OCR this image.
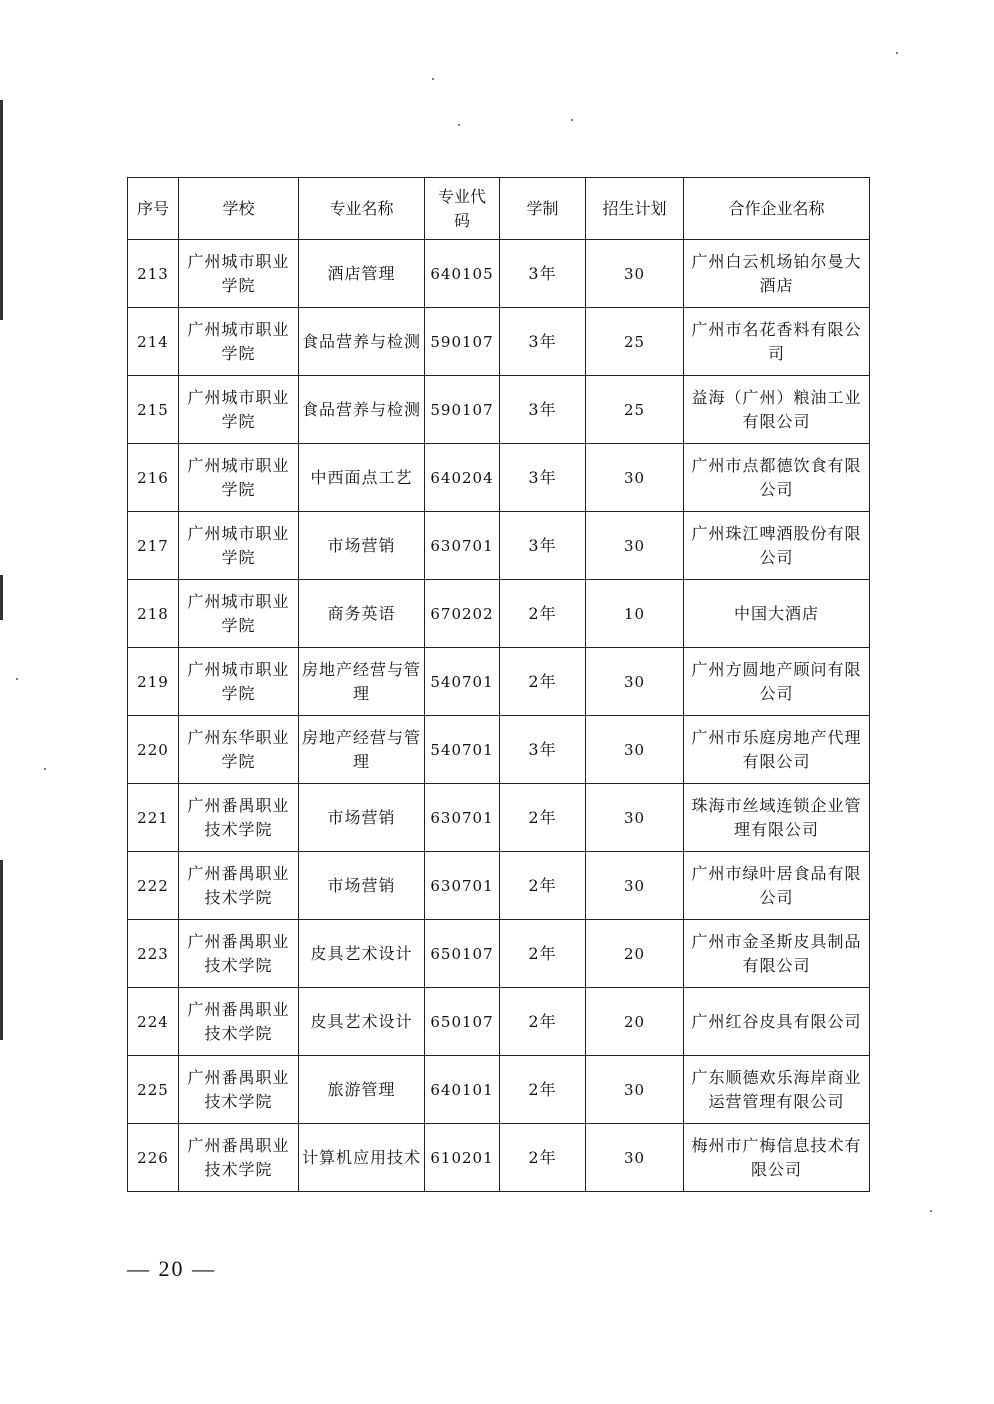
序号	学校	专业名称	专业代码	学制	招生计划	合作企业名称
213	广州城市职业学院	酒店管理	640105	3年	30	广州白云机场铂尔曼大酒店
214	广州城市职业学院	食品营养与检测	590107	3年	25	广州市名花香料有限公司
215	广州城市职业学院	食品营养与检测	590107	3年	25	益海（广州）粮油工业有限公司
216	广州城市职业学院	中西面点工艺	640204	3年	30	广州市点都德饮食有限公司
217	广州城市职业学院	市场营销	630701	3年	30	广州珠江啤酒股份有限公司
218	广州城市职业学院	商务英语	670202	2年	10	中国大酒店
219	广州城市职业学院	房地产经营与管理	540701	2年	30	广州方圆地产顾问有限公司
220	广州东华职业学院	房地产经营与管理	540701	3年	30	广州市乐庭房地产代理有限公司
221	广州番禺职业技术学院	市场营销	630701	2年	30	珠海市丝域连锁企业管理有限公司
222	广州番禺职业技术学院	市场营销	630701	2年	30	广州市绿叶居食品有限公司
223	广州番禺职业技术学院	皮具艺术设计	650107	2年	20	广州市金圣斯皮具制品有限公司
224	广州番禺职业技术学院	皮具艺术设计	650107	2年	20	广州红谷皮具有限公司
225	广州番禺职业技术学院	旅游管理	640101	2年	30	广东顺德欢乐海岸商业运营管理有限公司
226	广州番禺职业技术学院	计算机应用技术	610201	2年	30	梅州市广梅信息技术有限公司
— 20 —
